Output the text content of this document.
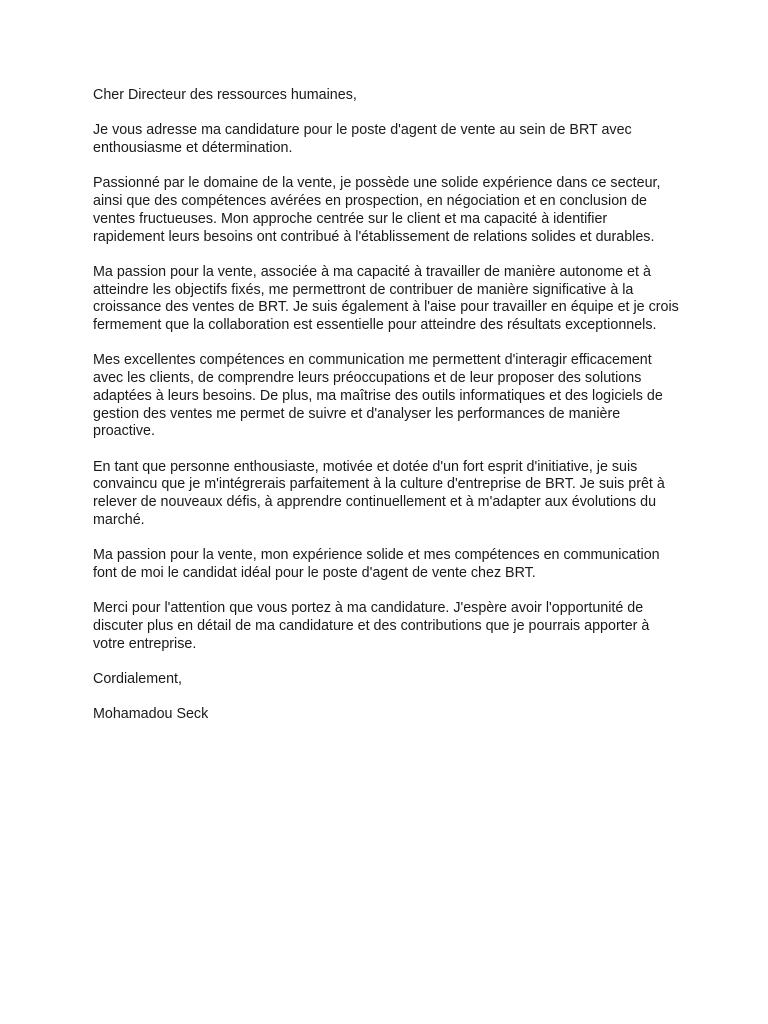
Cher Directeur des ressources humaines,

Je vous adresse ma candidature pour le poste d'agent de vente au sein de BRT avec
enthousiasme et détermination.

Passionné par le domaine de la vente, je possède une solide expérience dans ce secteur,
ainsi que des compétences avérées en prospection, en négociation et en conclusion de
ventes fructueuses. Mon approche centrée sur le client et ma capacité à identifier
rapidement leurs besoins ont contribué à l'établissement de relations solides et durables.

Ma passion pour la vente, associée à ma capacité à travailler de manière autonome et à
atteindre les objectifs fixés, me permettront de contribuer de manière significative à la
croissance des ventes de BRT. Je suis également à l'aise pour travailler en équipe et je crois
fermement que la collaboration est essentielle pour atteindre des résultats exceptionnels.

Mes excellentes compétences en communication me permettent d'interagir efficacement
avec les clients, de comprendre leurs préoccupations et de leur proposer des solutions
adaptées à leurs besoins. De plus, ma maîtrise des outils informatiques et des logiciels de
gestion des ventes me permet de suivre et d'analyser les performances de manière
proactive.

En tant que personne enthousiaste, motivée et dotée d'un fort esprit d'initiative, je suis
convaincu que je m'intégrerais parfaitement à la culture d'entreprise de BRT. Je suis prêt à
relever de nouveaux défis, à apprendre continuellement et à m'adapter aux évolutions du
marché.

Ma passion pour la vente, mon expérience solide et mes compétences en communication
font de moi le candidat idéal pour le poste d'agent de vente chez BRT.

Merci pour l'attention que vous portez à ma candidature. J'espère avoir l'opportunité de
discuter plus en détail de ma candidature et des contributions que je pourrais apporter à
votre entreprise.

Cordialement,

Mohamadou Seck
